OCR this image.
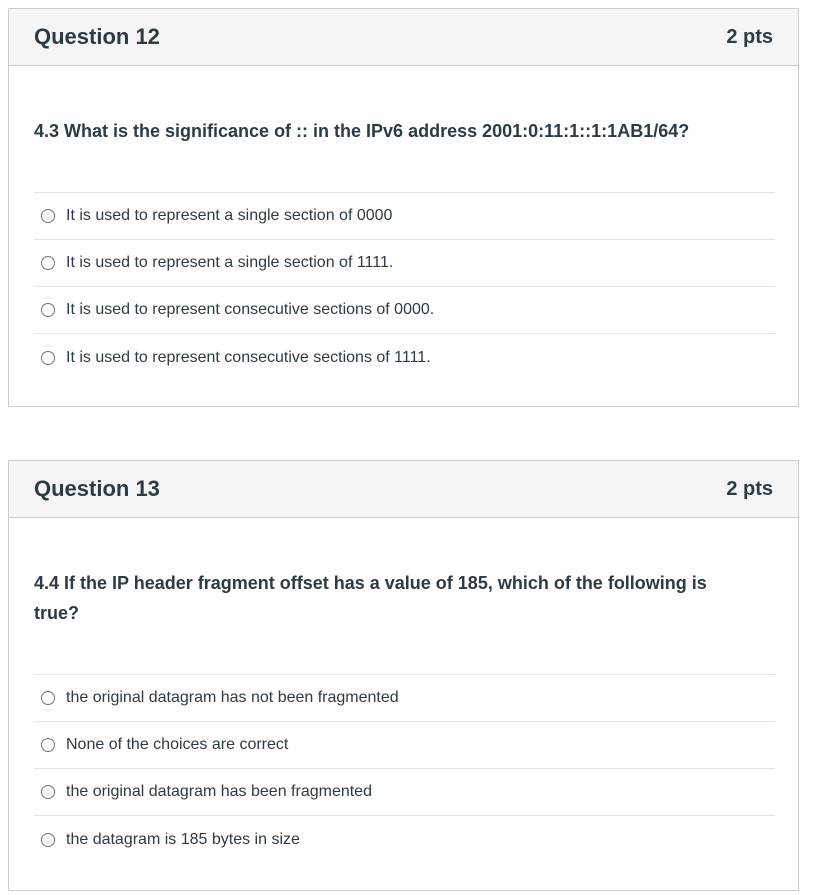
Question 12	2 pts
4.3 What is the significance of :: in the IPv6 address 2001:0:11:1::1:1AB1/64?
It is used to represent a single section of 0000
It is used to represent a single section of 1111.
It is used to represent consecutive sections of 0000.
It is used to represent consecutive sections of 1111.
Question 13	2 pts
4.4 If the IP header fragment offset has a value of 185, which of the following is true?
the original datagram has not been fragmented
None of the choices are correct
the original datagram has been fragmented
the datagram is 185 bytes in size
